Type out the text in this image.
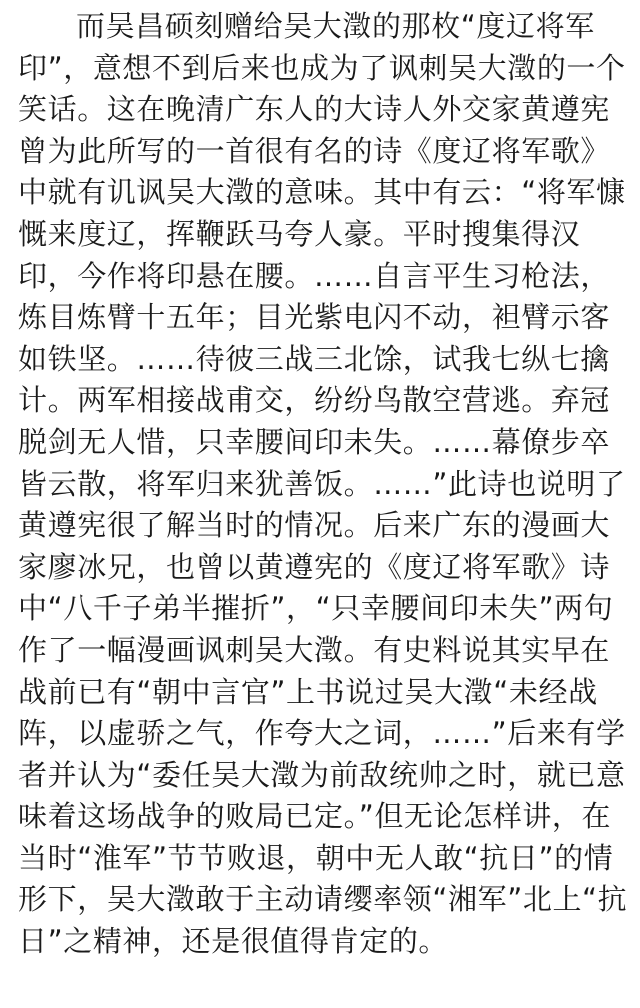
而吴昌硕刻赠给吴大澂的那枚“度辽将军
印”，意想不到后来也成为了讽刺吴大澂的一个
笑话。这在晚清广东人的大诗人外交家黄遵宪
曾为此所写的一首很有名的诗《度辽将军歌》
中就有讥讽吴大澂的意味。其中有云：“将军慷
慨来度辽，挥鞭跃马夸人豪。平时搜集得汉
印，今作将印悬在腰。……自言平生习枪法，
炼目炼臂十五年；目光紫电闪不动，袒臂示客
如铁坚。……待彼三战三北馀，试我七纵七擒
计。两军相接战甫交，纷纷鸟散空营逃。弃冠
脱剑无人惜，只幸腰间印未失。……幕僚步卒
皆云散，将军归来犹善饭。……”此诗也说明了
黄遵宪很了解当时的情况。后来广东的漫画大
家廖冰兄，也曾以黄遵宪的《度辽将军歌》诗
中“八千子弟半摧折”，“只幸腰间印未失”两句
作了一幅漫画讽刺吴大澂。有史料说其实早在
战前已有“朝中言官”上书说过吴大澂“未经战
阵，以虚骄之气，作夸大之词，……”后来有学
者并认为“委任吴大澂为前敌统帅之时，就已意
味着这场战争的败局已定。”但无论怎样讲，在
当时“淮军”节节败退，朝中无人敢“抗日”的情
形下，吴大澂敢于主动请缨率领“湘军”北上“抗
日”之精神，还是很值得肯定的。
